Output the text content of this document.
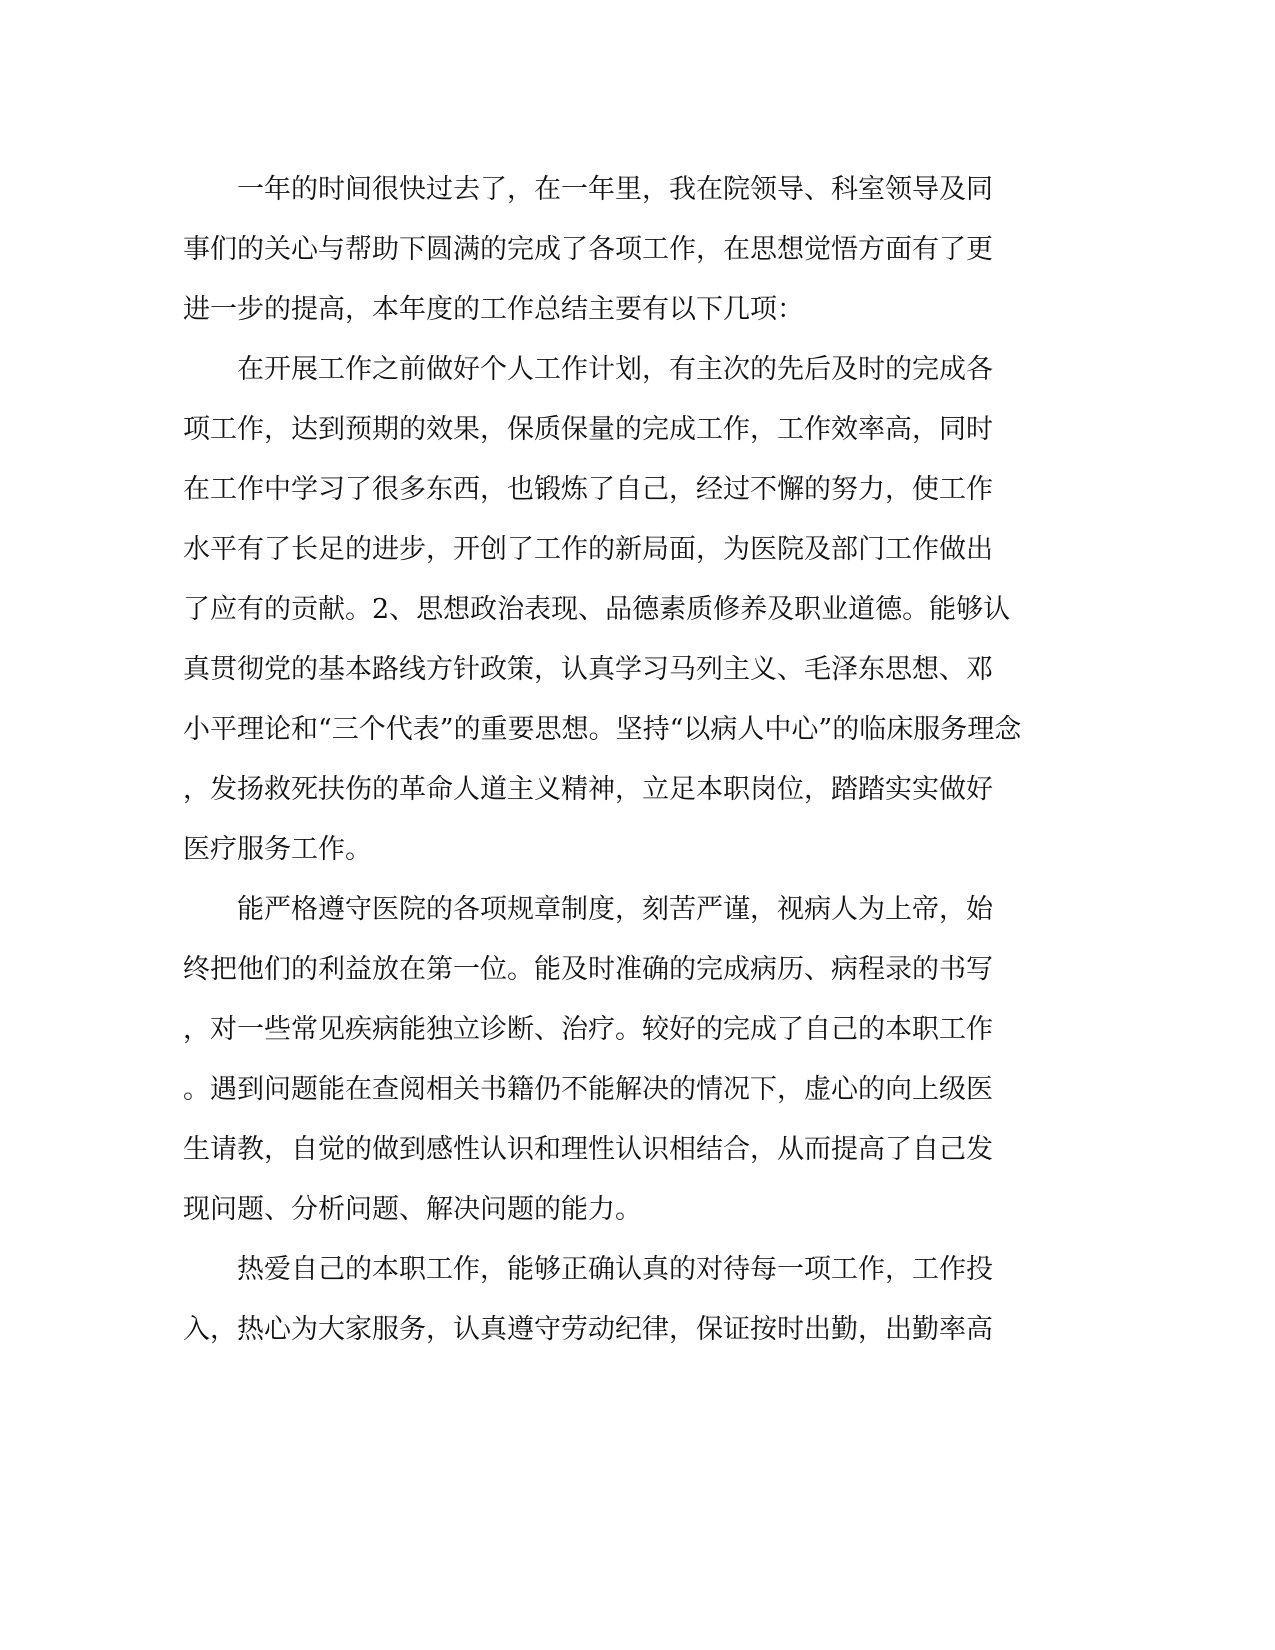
　　一年的时间很快过去了，在一年里，我在院领导、科室领导及同
事们的关心与帮助下圆满的完成了各项工作，在思想觉悟方面有了更
进一步的提高，本年度的工作总结主要有以下几项：
　　在开展工作之前做好个人工作计划，有主次的先后及时的完成各
项工作，达到预期的效果，保质保量的完成工作，工作效率高，同时
在工作中学习了很多东西，也锻炼了自己，经过不懈的努力，使工作
水平有了长足的进步，开创了工作的新局面，为医院及部门工作做出
了应有的贡献。2、思想政治表现、品德素质修养及职业道德。能够认
真贯彻党的基本路线方针政策，认真学习马列主义、毛泽东思想、邓
小平理论和“三个代表”的重要思想。坚持“以病人中心”的临床服务理念
，发扬救死扶伤的革命人道主义精神，立足本职岗位，踏踏实实做好
医疗服务工作。
　　能严格遵守医院的各项规章制度，刻苦严谨，视病人为上帝，始
终把他们的利益放在第一位。能及时准确的完成病历、病程录的书写
，对一些常见疾病能独立诊断、治疗。较好的完成了自己的本职工作
。遇到问题能在查阅相关书籍仍不能解决的情况下，虚心的向上级医
生请教，自觉的做到感性认识和理性认识相结合，从而提高了自己发
现问题、分析问题、解决问题的能力。
　　热爱自己的本职工作，能够正确认真的对待每一项工作，工作投
入，热心为大家服务，认真遵守劳动纪律，保证按时出勤，出勤率高
